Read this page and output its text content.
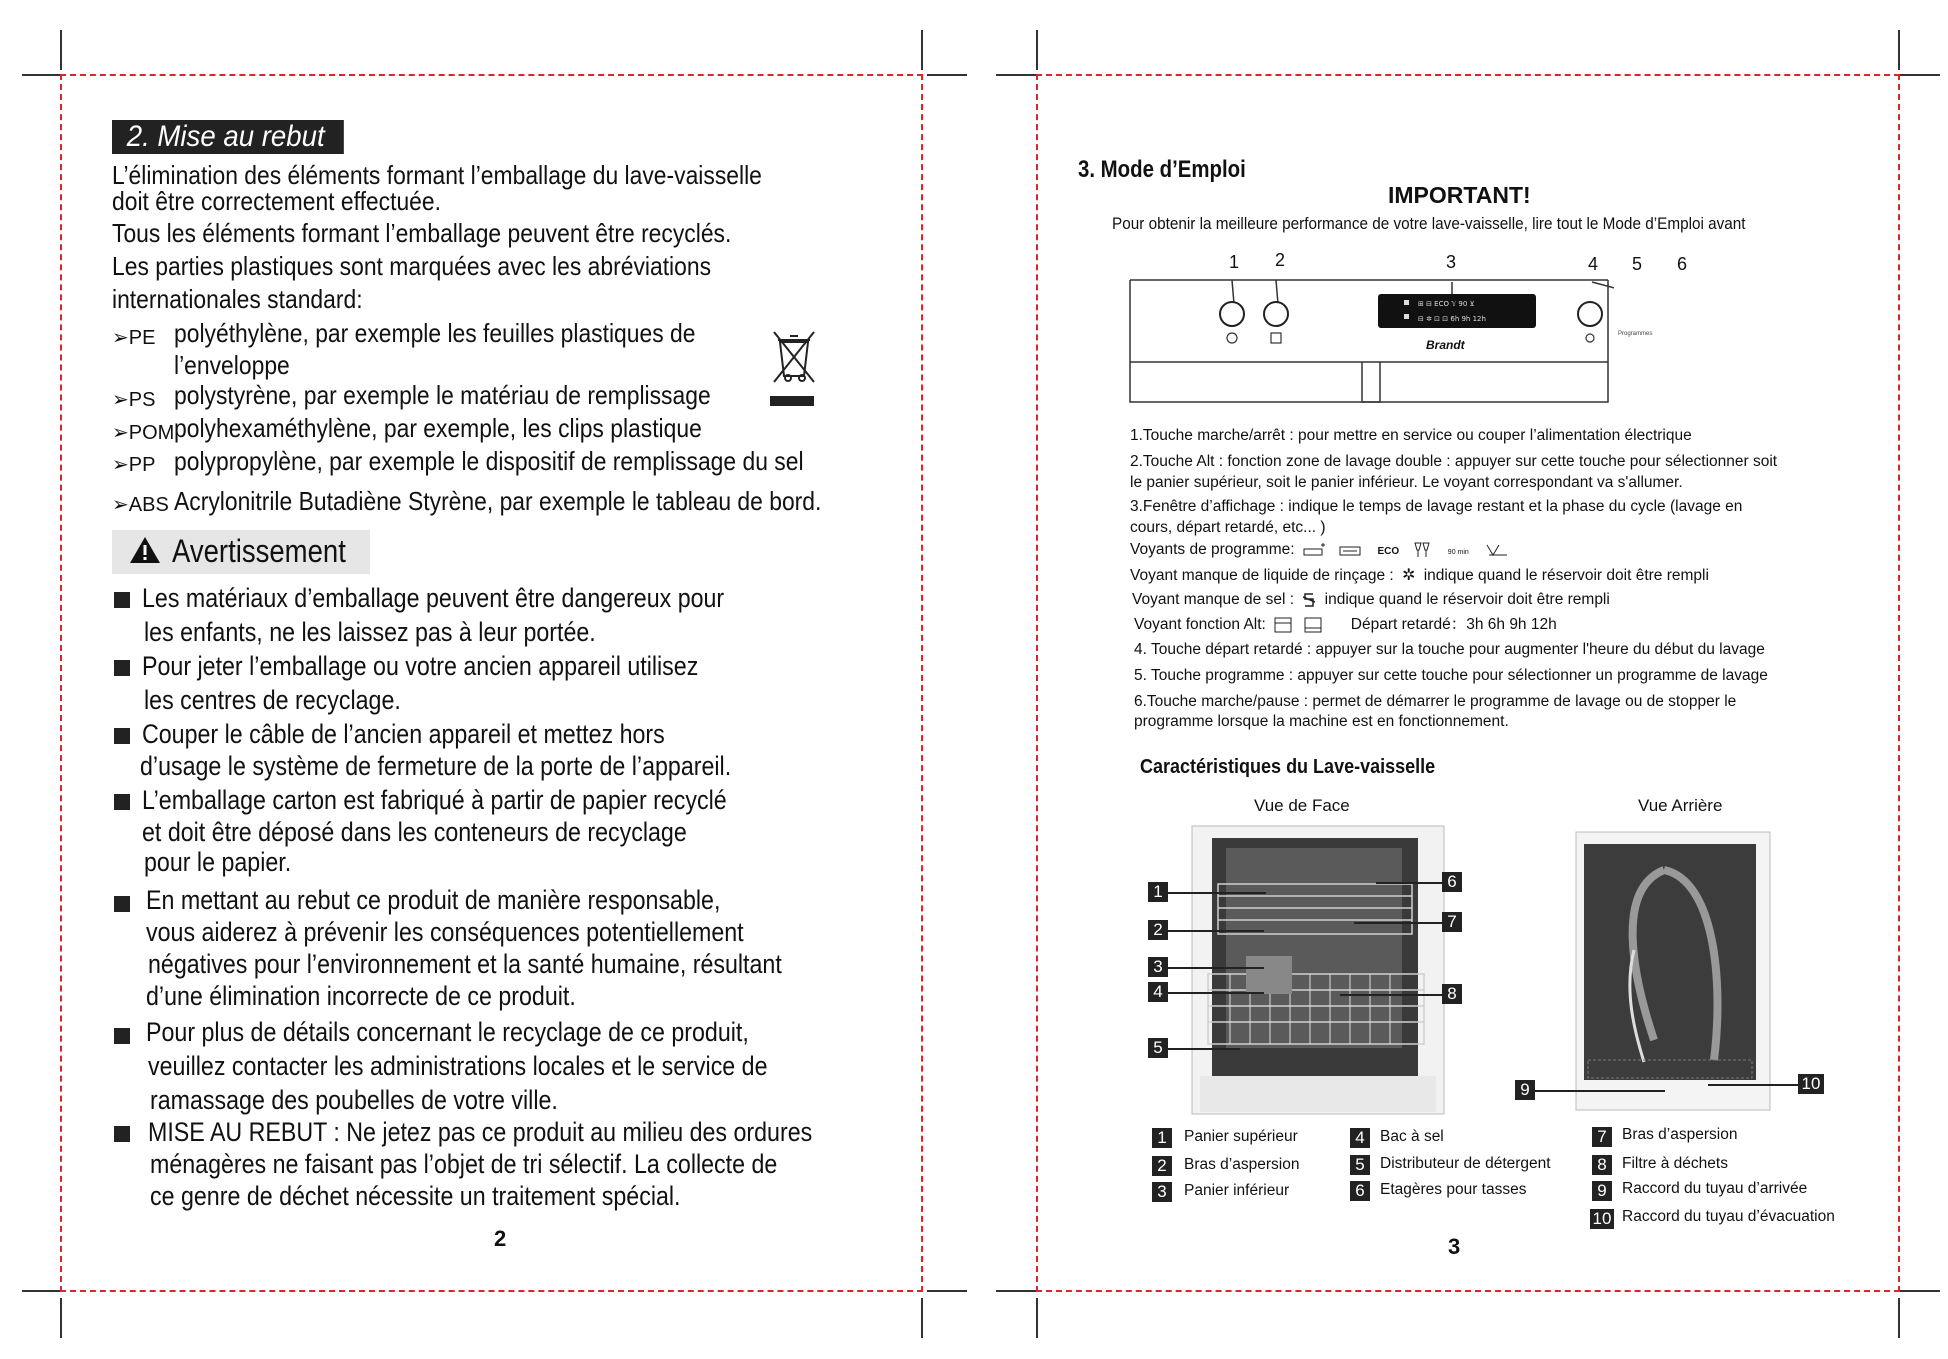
2. Mise au rebut
L’élimination des éléments formant l’emballage du lave-vaisselle
doit être correctement effectuée.
Tous les éléments formant l’emballage peuvent être recyclés.
Les parties plastiques sont marquées avec les abréviations
internationales standard:
➢PE polyéthylène, par exemple les feuilles plastiques de
l’enveloppe
➢PS polystyrène, par exemple le matériau de remplissage
➢POM polyhexaméthylène, par exemple, les clips plastique
➢PP polypropylène, par exemple le dispositif de remplissage du sel
➢ABS Acrylonitrile Butadiène Styrène, par exemple le tableau de bord.
Avertissement
Les matériaux d’emballage peuvent être dangereux pour
les enfants, ne les laissez pas à leur portée.
Pour jeter l’emballage ou votre ancien appareil utilisez
les centres de recyclage.
Couper le câble de l’ancien appareil et mettez hors
d’usage le système de fermeture de la porte de l’appareil.
L’emballage carton est fabriqué à partir de papier recyclé
et doit être déposé dans les conteneurs de recyclage
pour le papier.
En mettant au rebut ce produit de manière responsable,
vous aiderez à prévenir les conséquences potentiellement
négatives pour l’environnement et la santé humaine, résultant
d’une élimination incorrecte de ce produit.
Pour plus de détails concernant le recyclage de ce produit,
veuillez contacter les administrations locales et le service de
ramassage des poubelles de votre ville.
MISE AU REBUT : Ne jetez pas ce produit au milieu des ordures
ménagères ne faisant pas l’objet de tri sélectif. La collecte de
ce genre de déchet nécessite un traitement spécial.
2
3. Mode d’Emploi
IMPORTANT!
Pour obtenir la meilleure performance de votre lave-vaisselle, lire tout le Mode d’Emploi avant
1 2	3	4 5 6
⊞ ⊟ ECO 𝕐 90 ⊻
⊟ ✲ ⊡ ⊡ 6h 9h 12h
Brandt
Programmes
1.Touche marche/arrêt : pour mettre en service ou couper l’alimentation électrique
2.Touche Alt : fonction zone de lavage double : appuyer sur cette touche pour sélectionner soit
le panier supérieur, soit le panier inférieur. Le voyant correspondant va s'allumer.
3.Fenêtre d’affichage : indique le temps de lavage restant et la phase du cycle (lavage en
cours, départ retardé, etc... )
Voyants de programme:	ECO	90 min
Voyant manque de liquide de rinçage : ✲ indique quand le réservoir doit être rempli
Voyant manque de sel : indique quand le réservoir doit être rempli
Voyant fonction Alt:	Départ retardé：3h 6h 9h 12h
4. Touche départ retardé : appuyer sur la touche pour augmenter l'heure du début du lavage
5. Touche programme : appuyer sur cette touche pour sélectionner un programme de lavage
6.Touche marche/pause : permet de démarrer le programme de lavage ou de stopper le
programme lorsque la machine est en fonctionnement.
Caractéristiques du Lave-vaisselle
Vue de Face	Vue Arrière
1
2
3
4
5
6
7
8
9	10
1	Panier supérieur
2	Bras d’aspersion
3	Panier inférieur
4 Bac à sel
5 Distributeur de détergent
6 Etagères pour tasses
7 Bras d’aspersion
8 Filtre à déchets
9 Raccord du tuyau d’arrivée
10 Raccord du tuyau d’évacuation
3
